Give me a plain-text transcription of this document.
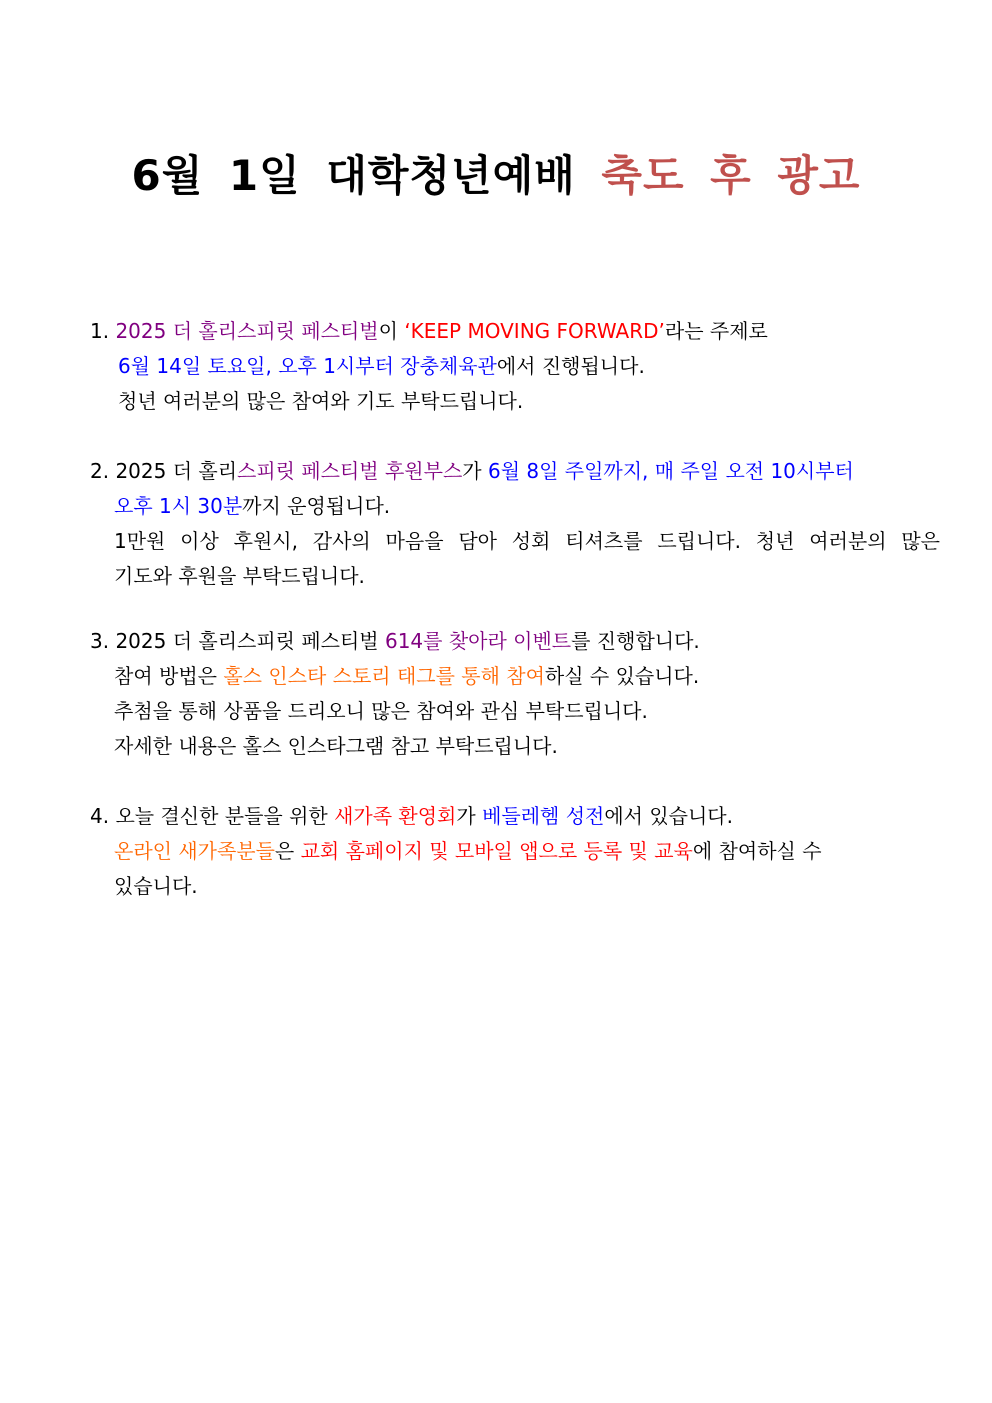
6월 1일 대학청년예배 축도 후 광고
1. 2025 더 홀리스피릿 페스티벌이 ‘KEEP MOVING FORWARD’라는 주제로
6월 14일 토요일, 오후 1시부터 장충체육관에서 진행됩니다.
청년 여러분의 많은 참여와 기도 부탁드립니다.
2. 2025 더 홀리스피릿 페스티벌 후원부스가 6월 8일 주일까지, 매 주일 오전 10시부터
오후 1시 30분까지 운영됩니다.
1만원 이상 후원시, 감사의 마음을 담아 성회 티셔츠를 드립니다. 청년 여러분의 많은
기도와 후원을 부탁드립니다.
3. 2025 더 홀리스피릿 페스티벌 614를 찾아라 이벤트를 진행합니다.
참여 방법은 홀스 인스타 스토리 태그를 통해 참여하실 수 있습니다.
추첨을 통해 상품을 드리오니 많은 참여와 관심 부탁드립니다.
자세한 내용은 홀스 인스타그램 참고 부탁드립니다.
4. 오늘 결신한 분들을 위한 새가족 환영회가 베들레헴 성전에서 있습니다.
온라인 새가족분들은 교회 홈페이지 및 모바일 앱으로 등록 및 교육에 참여하실 수
있습니다.
